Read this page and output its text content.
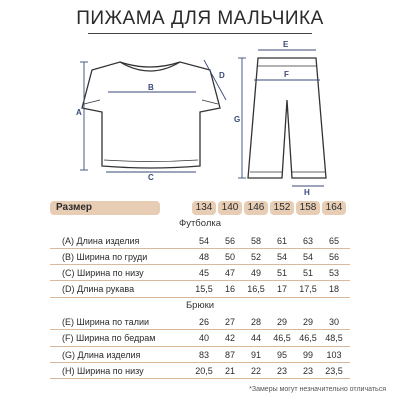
ПИЖАМА ДЛЯ МАЛЬЧИКА
A
B
C
D
E
F
G
H
Размер	134 140 146 152 158 164
Футболка
(A) Длина изделия	54	56	58	61	63	65
(B) Ширина по груди	48	50	52	54	54	56
(C) Ширина по низу	45	47	49	51	51	53
(D) Длина рукава	15,5	16	16,5	17	17,5	18
Брюки
(E) Ширина по талии	26	27	28	29	29	30
(F) Ширина по бедрам	40	42	44	46,5 46,5 48,5
(G) Длина изделия	83	87	91	95	99	103
(H) Ширина по низу	20,5	21	22	23	23	23,5
*Замеры могут незначительно отличаться
